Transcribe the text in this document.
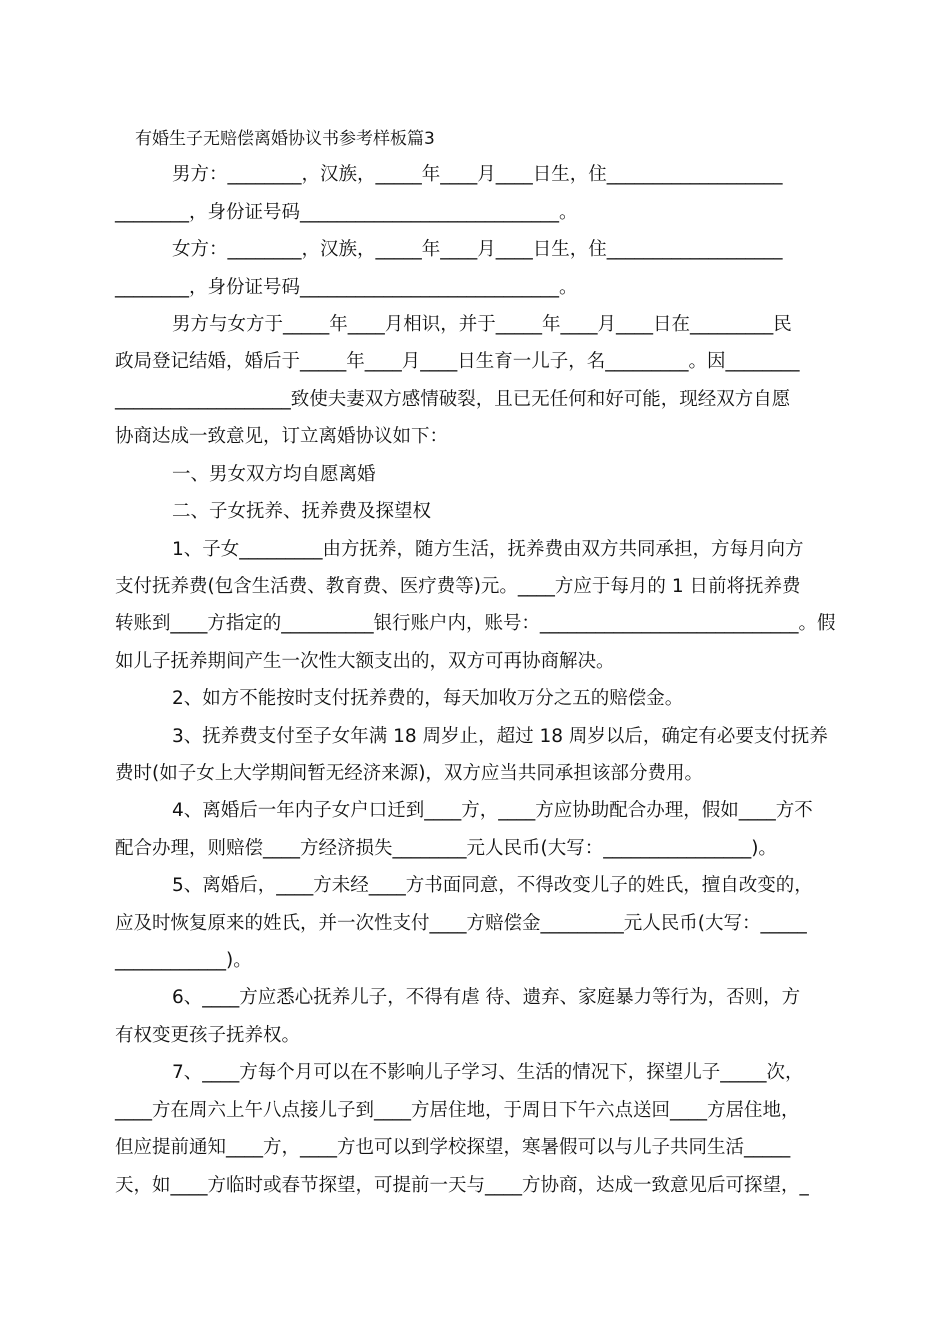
有婚生子无赔偿离婚协议书参考样板篇3
男方：________，汉族，_____年____月____日生，住___________________
________，身份证号码____________________________。
女方：________，汉族，_____年____月____日生，住___________________
________，身份证号码____________________________。
男方与女方于_____年____月相识，并于_____年____月____日在_________民
政局登记结婚，婚后于_____年____月____日生育一儿子，名_________。因________
___________________致使夫妻双方感情破裂，且已无任何和好可能，现经双方自愿
协商达成一致意见，订立离婚协议如下：
一、男女双方均自愿离婚
二、子女抚养、抚养费及探望权
1、子女_________由方抚养，随方生活，抚养费由双方共同承担，方每月向方
支付抚养费(包含生活费、教育费、医疗费等)元。____方应于每月的 1 日前将抚养费
转账到____方指定的__________银行账户内，账号：____________________________。假
如儿子抚养期间产生一次性大额支出的，双方可再协商解决。
2、如方不能按时支付抚养费的，每天加收万分之五的赔偿金。
3、抚养费支付至子女年满 18 周岁止，超过 18 周岁以后，确定有必要支付抚养
费时(如子女上大学期间暂无经济来源)，双方应当共同承担该部分费用。
4、离婚后一年内子女户口迁到____方，____方应协助配合办理，假如____方不
配合办理，则赔偿____方经济损失________元人民币(大写：________________)。
5、离婚后，____方未经____方书面同意，不得改变儿子的姓氏，擅自改变的，
应及时恢复原来的姓氏，并一次性支付____方赔偿金_________元人民币(大写：_____
____________)。
6、____方应悉心抚养儿子，不得有虐 待、遗弃、家庭暴力等行为，否则，方
有权变更孩子抚养权。
7、____方每个月可以在不影响儿子学习、生活的情况下，探望儿子_____次，
____方在周六上午八点接儿子到____方居住地，于周日下午六点送回____方居住地，
但应提前通知____方，____方也可以到学校探望，寒暑假可以与儿子共同生活_____
天，如____方临时或春节探望，可提前一天与____方协商，达成一致意见后可探望，_
